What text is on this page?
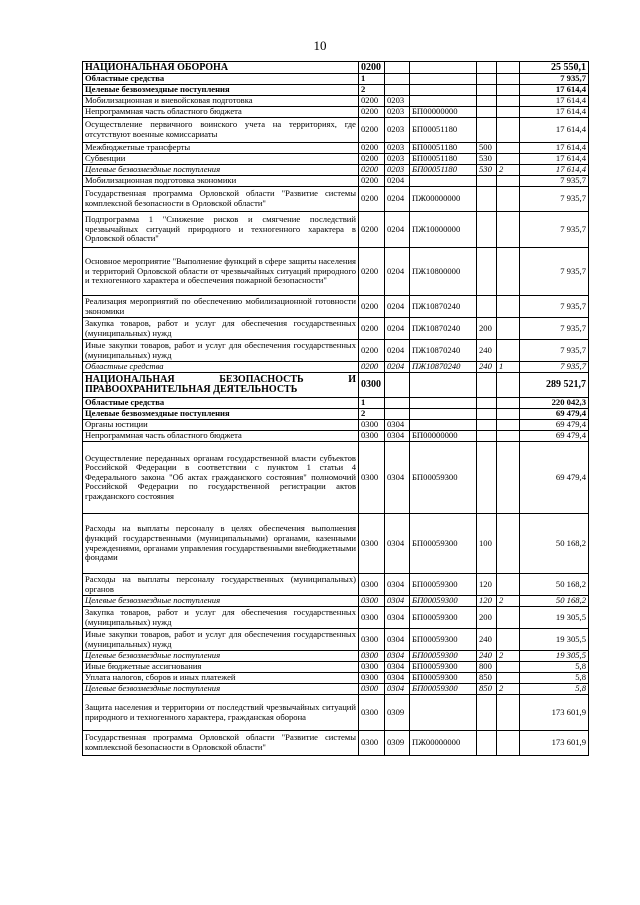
10
НАЦИОНАЛЬНАЯ ОБОРОНА	0200					25 550,1
Областные средства	1					7 935,7
Целевые безвозмездные поступления	2					17 614,4
Мобилизационная и вневойсковая подготовка	0200	0203				17 614,4
Непрограммная часть областного бюджета	0200	0203	БП00000000			17 614,4
Осуществление первичного воинского учета на территориях, где отсутствуют военные комиссариаты	0200	0203	БП00051180			17 614,4
Межбюджетные трансферты	0200	0203	БП00051180	500		17 614,4
Субвенции	0200	0203	БП00051180	530		17 614,4
Целевые безвозмездные поступления	0200	0203	БП00051180	530	2	17 614,4
Мобилизационная подготовка экономики	0200	0204				7 935,7
Государственная программа Орловской области "Развитие системы комплексной безопасности в Орловской области"	0200	0204	ПЖ00000000			7 935,7
Подпрограмма 1 "Снижение рисков и смягчение последствий чрезвычайных ситуаций природного и техногенного характера в Орловской области"	0200	0204	ПЖ10000000			7 935,7
Основное мероприятие "Выполнение функций в сфере защиты населения и территорий Орловской области от чрезвычайных ситуаций природного и техногенного характера и обеспечения пожарной безопасности"	0200	0204	ПЖ10800000			7 935,7
Реализация мероприятий по обеспечению мобилизационной готовности экономики	0200	0204	ПЖ10870240			7 935,7
Закупка товаров, работ и услуг для обеспечения государственных (муниципальных) нужд	0200	0204	ПЖ10870240	200		7 935,7
Иные закупки товаров, работ и услуг для обеспечения государственных (муниципальных) нужд	0200	0204	ПЖ10870240	240		7 935,7
Областные средства	0200	0204	ПЖ10870240	240	1	7 935,7
НАЦИОНАЛЬНАЯ БЕЗОПАСНОСТЬ И ПРАВООХРАНИТЕЛЬНАЯ ДЕЯТЕЛЬНОСТЬ	0300					289 521,7
Областные средства	1					220 042,3
Целевые безвозмездные поступления	2					69 479,4
Органы юстиции	0300	0304				69 479,4
Непрограммная часть областного бюджета	0300	0304	БП00000000			69 479,4
Осуществление переданных органам государственной власти субъектов Российской Федерации в соответствии с пунктом 1 статьи 4 Федерального закона "Об актах гражданского состояния" полномочий Российской Федерации по государственной регистрации актов гражданского состояния	0300	0304	БП00059300			69 479,4
Расходы на выплаты персоналу в целях обеспечения выполнения функций государственными (муниципальными) органами, казенными учреждениями, органами управления государственными внебюджетными фондами	0300	0304	БП00059300	100		50 168,2
Расходы на выплаты персоналу государственных (муниципальных) органов	0300	0304	БП00059300	120		50 168,2
Целевые безвозмездные поступления	0300	0304	БП00059300	120	2	50 168,2
Закупка товаров, работ и услуг для обеспечения государственных (муниципальных) нужд	0300	0304	БП00059300	200		19 305,5
Иные закупки товаров, работ и услуг для обеспечения государственных (муниципальных) нужд	0300	0304	БП00059300	240		19 305,5
Целевые безвозмездные поступления	0300	0304	БП00059300	240	2	19 305,5
Иные бюджетные ассигнования	0300	0304	БП00059300	800		5,8
Уплата налогов, сборов и иных платежей	0300	0304	БП00059300	850		5,8
Целевые безвозмездные поступления	0300	0304	БП00059300	850	2	5,8
Защита населения и территории от последствий чрезвычайных ситуаций природного и техногенного характера, гражданская оборона	0300	0309				173 601,9
Государственная программа Орловской области "Развитие системы комплексной безопасности в Орловской области"	0300	0309	ПЖ00000000			173 601,9
